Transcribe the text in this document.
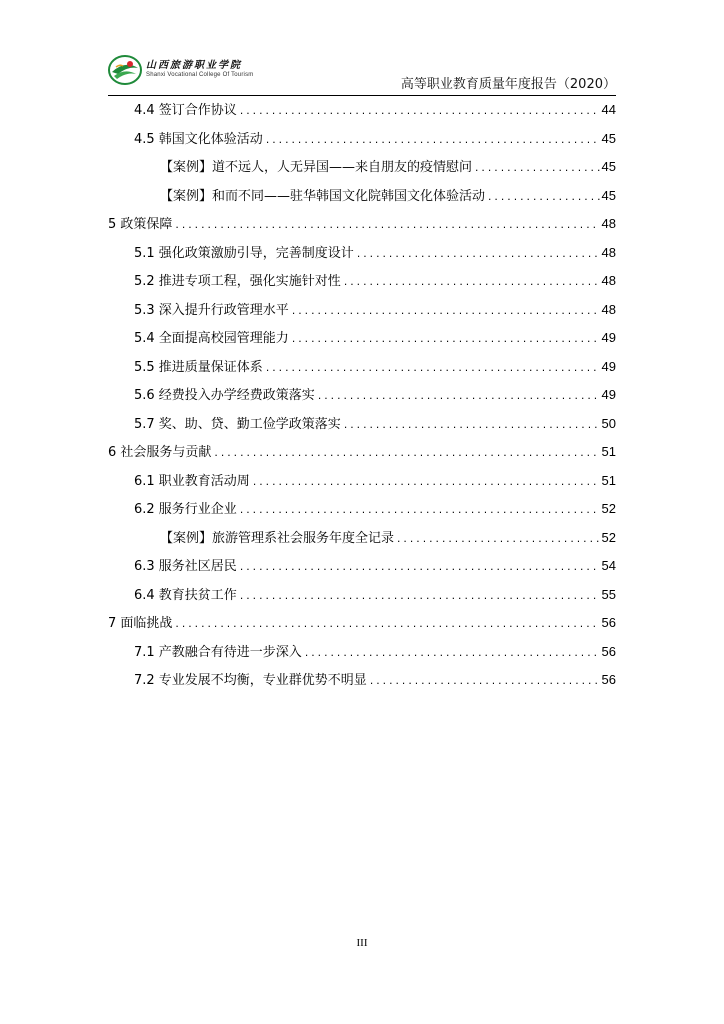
山西旅游职业学院
Shanxi Vocational College Of Tourism
高等职业教育质量年度报告（2020）
4.4 签订合作协议 .....	44
4.5 韩国文化体验活动 .....	45
【案例】道不远人，人无异国——来自朋友的疫情慰问 .....	45
【案例】和而不同——驻华韩国文化院韩国文化体验活动 .....	45
5 政策保障 .....	48
5.1 强化政策激励引导，完善制度设计 .....	48
5.2 推进专项工程，强化实施针对性 .....	48
5.3 深入提升行政管理水平 .....	48
5.4 全面提高校园管理能力 .....	49
5.5 推进质量保证体系 .....	49
5.6 经费投入办学经费政策落实 .....	49
5.7 奖、助、贷、勤工俭学政策落实 .....	50
6 社会服务与贡献 .....	51
6.1 职业教育活动周 .....	51
6.2 服务行业企业 .....	52
【案例】旅游管理系社会服务年度全记录 .....	52
6.3 服务社区居民 .....	54
6.4 教育扶贫工作 .....	55
7 面临挑战 .....	56
7.1 产教融合有待进一步深入 .....	56
7.2 专业发展不均衡，专业群优势不明显 .....	56
III
